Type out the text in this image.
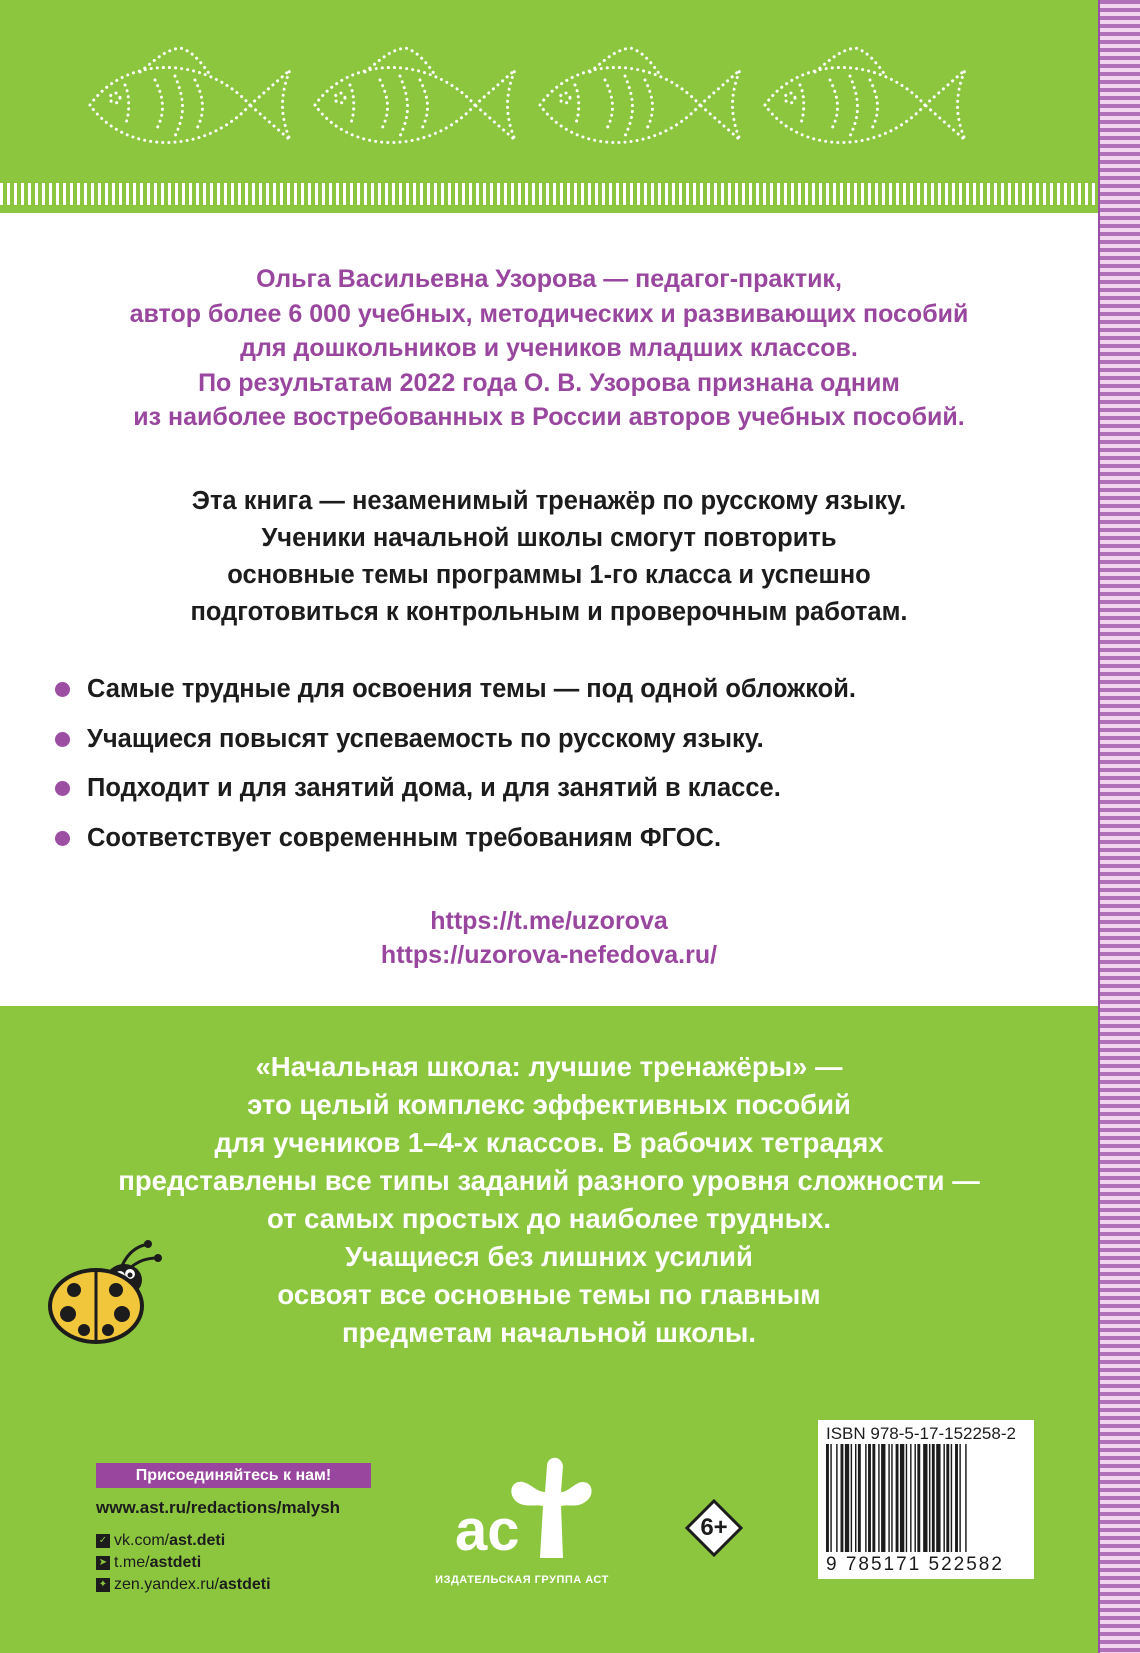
Ольга Васильевна Узорова — педагог-практик,
автор более 6 000 учебных, методических и развивающих пособий
для дошкольников и учеников младших классов.
По результатам 2022 года О. В. Узорова признана одним
из наиболее востребованных в России авторов учебных пособий.
Эта книга — незаменимый тренажёр по русскому языку.
Ученики начальной школы смогут повторить
основные темы программы 1-го класса и успешно
подготовиться к контрольным и проверочным работам.
Самые трудные для освоения темы — под одной обложкой.
Учащиеся повысят успеваемость по русскому языку.
Подходит и для занятий дома, и для занятий в классе.
Соответствует современным требованиям ФГОС.
https://t.me/uzorova
https://uzorova-nefedova.ru/
«Начальная школа: лучшие тренажёры» —
это целый комплекс эффективных пособий
для учеников 1–4-х классов. В рабочих тетрадях
представлены все типы заданий разного уровня сложности —
от самых простых до наиболее трудных.
Учащиеся без лишних усилий
освоят все основные темы по главным
предметам начальной школы.
Присоединяйтесь к нам!
www.ast.ru/redactions/malysh
✓ vk.com/ast.deti
➤ t.me/astdeti
✦ zen.yandex.ru/astdeti
ac
ИЗДАТЕЛЬСКАЯ ГРУППА АСТ
6+
ISBN 978-5-17-152258-2
9 785171 522582
